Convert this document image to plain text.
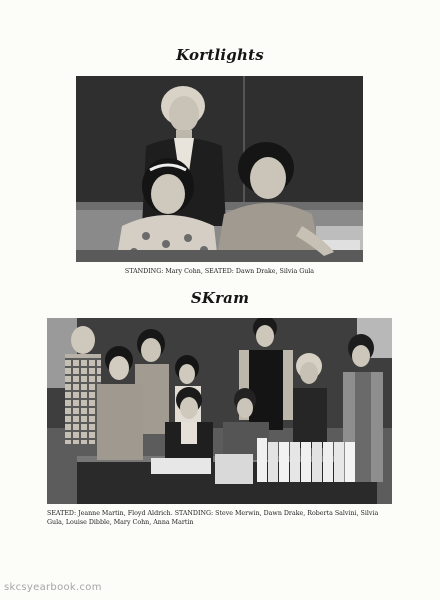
Kortlights
STANDING: Mary Cohn, SEATED: Dawn Drake, Silvia Gula
SKram
SEATED: Jeanne Martin, Floyd Aldrich. STANDING: Steve Merwin, Dawn Drake, Roberta Salvini, Silvia Gula, Louise Dibble, Mary Cohn, Anna Martin
skcsyearbook.com
